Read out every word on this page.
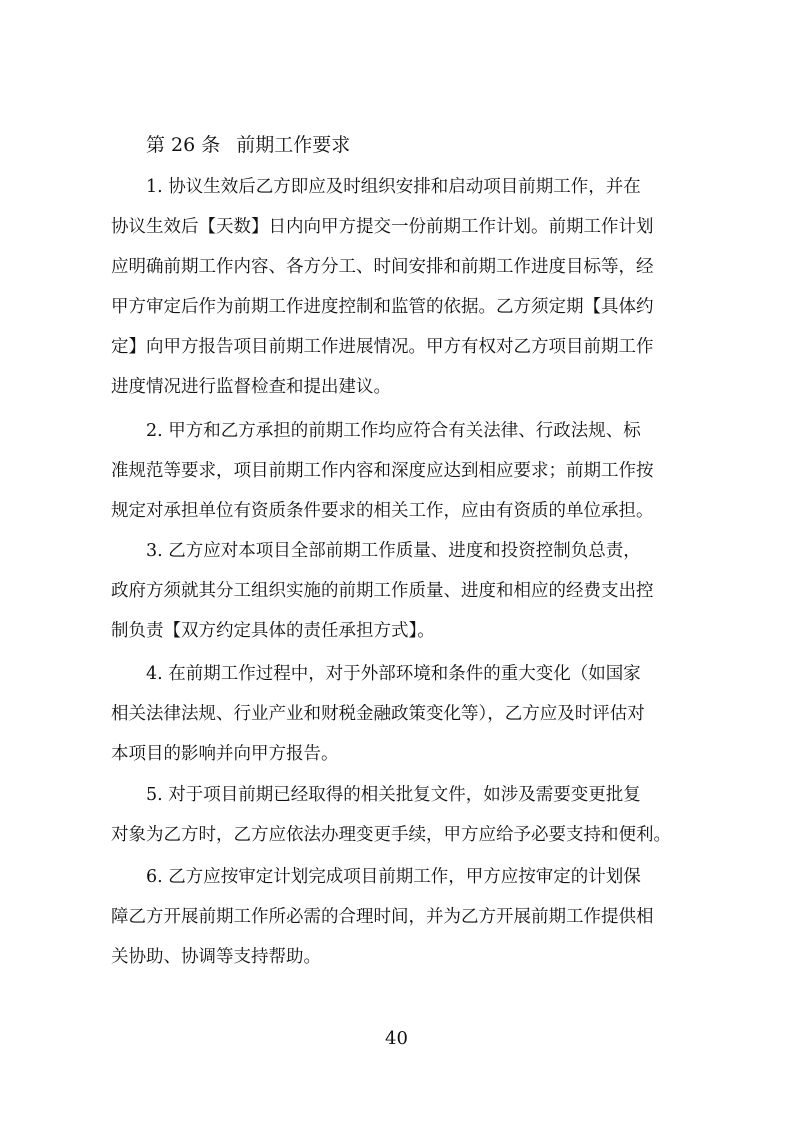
第 26 条 前期工作要求
1. 协议生效后乙方即应及时组织安排和启动项目前期工作，并在
协议生效后【天数】日内向甲方提交一份前期工作计划。前期工作计划
应明确前期工作内容、各方分工、时间安排和前期工作进度目标等，经
甲方审定后作为前期工作进度控制和监管的依据。乙方须定期【具体约
定】向甲方报告项目前期工作进展情况。甲方有权对乙方项目前期工作
进度情况进行监督检查和提出建议。
2. 甲方和乙方承担的前期工作均应符合有关法律、行政法规、标
准规范等要求，项目前期工作内容和深度应达到相应要求；前期工作按
规定对承担单位有资质条件要求的相关工作，应由有资质的单位承担。
3. 乙方应对本项目全部前期工作质量、进度和投资控制负总责，
政府方须就其分工组织实施的前期工作质量、进度和相应的经费支出控
制负责【双方约定具体的责任承担方式】。
4. 在前期工作过程中，对于外部环境和条件的重大变化（如国家
相关法律法规、行业产业和财税金融政策变化等），乙方应及时评估对
本项目的影响并向甲方报告。
5. 对于项目前期已经取得的相关批复文件，如涉及需要变更批复
对象为乙方时，乙方应依法办理变更手续，甲方应给予必要支持和便利。
6. 乙方应按审定计划完成项目前期工作，甲方应按审定的计划保
障乙方开展前期工作所必需的合理时间，并为乙方开展前期工作提供相
关协助、协调等支持帮助。
40
